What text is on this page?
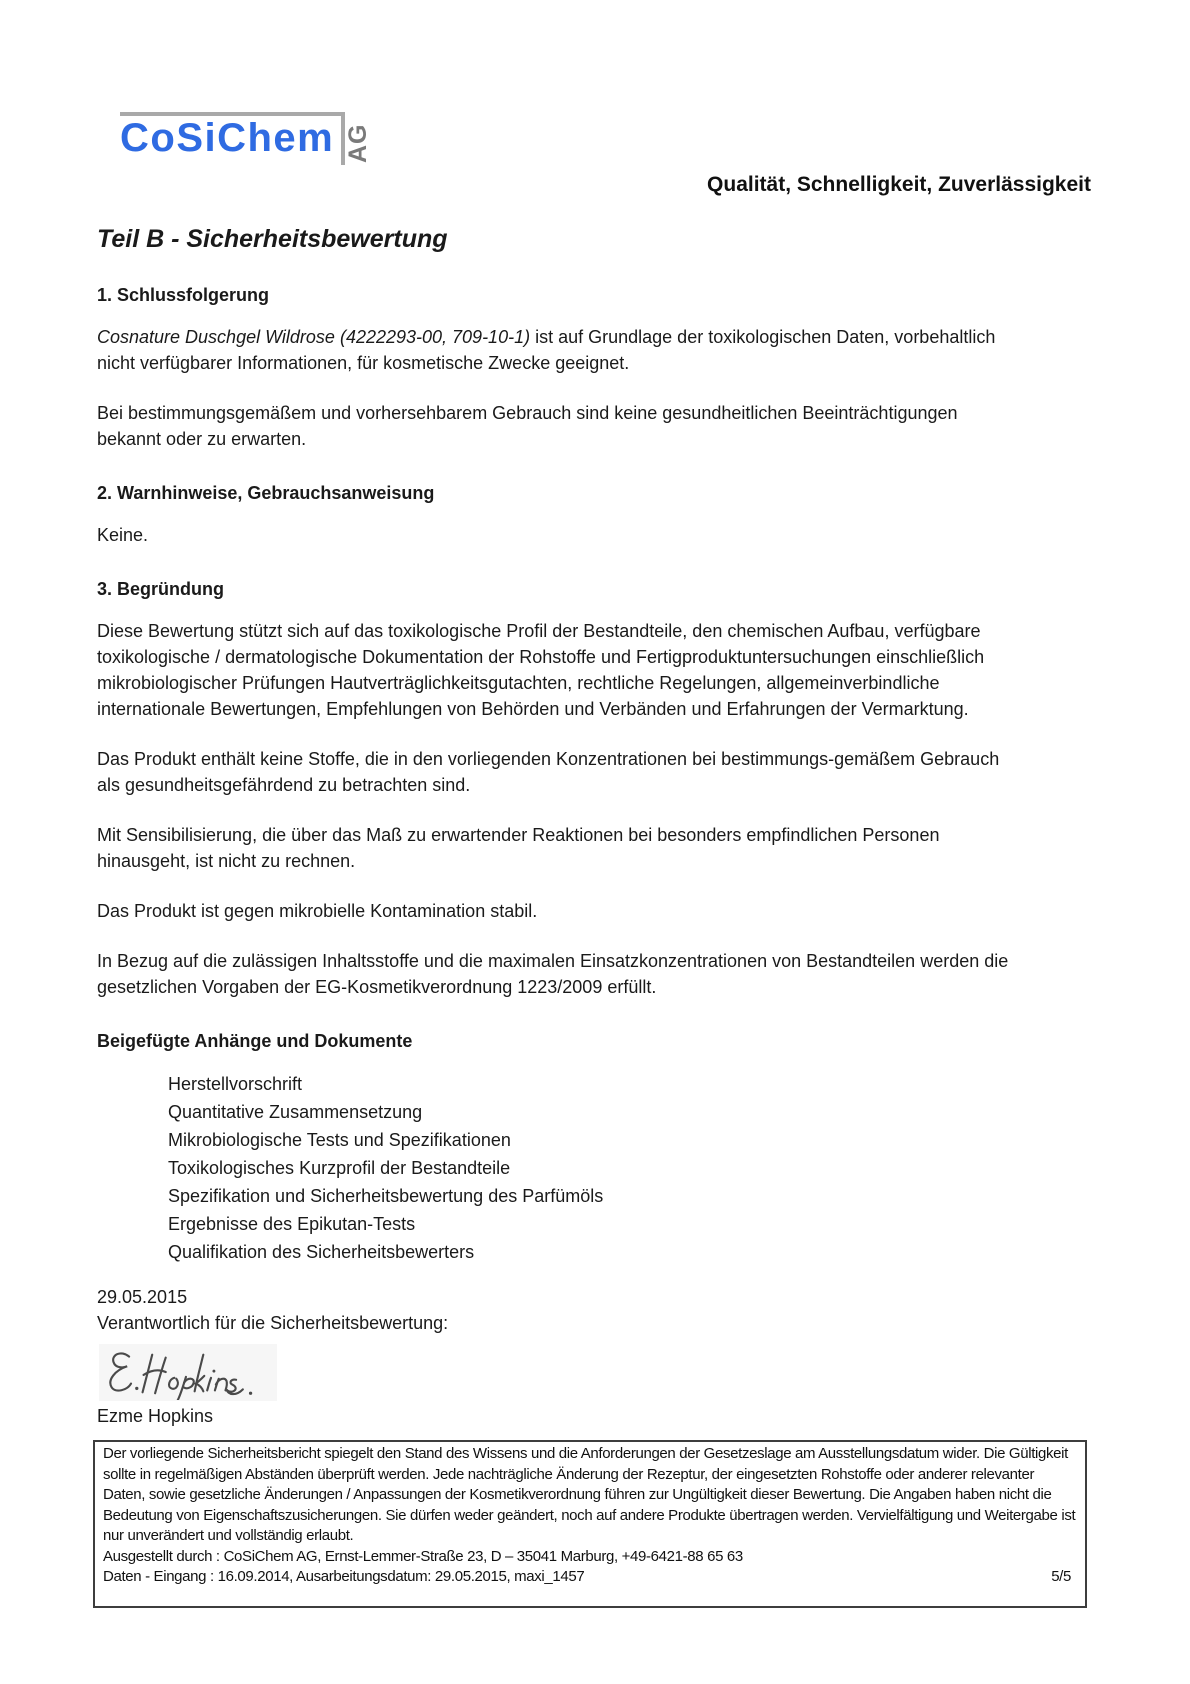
CoSiChem AG
Qualität, Schnelligkeit, Zuverlässigkeit
Teil B - Sicherheitsbewertung
1. Schlussfolgerung

Cosnature Duschgel Wildrose (4222293-00, 709-10-1) ist auf Grundlage der toxikologischen Daten, vorbehaltlich nicht verfügbarer Informationen, für kosmetische Zwecke geeignet.

Bei bestimmungsgemäßem und vorhersehbarem Gebrauch sind keine gesundheitlichen Beeinträchtigungen bekannt oder zu erwarten.

2. Warnhinweise, Gebrauchsanweisung

Keine.

3. Begründung

Diese Bewertung stützt sich auf das toxikologische Profil der Bestandteile, den chemischen Aufbau, verfügbare toxikologische / dermatologische Dokumentation der Rohstoffe und Fertigproduktuntersuchungen einschließlich mikrobiologischer Prüfungen Hautverträglichkeitsgutachten, rechtliche Regelungen, allgemeinverbindliche internationale Bewertungen, Empfehlungen von Behörden und Verbänden und Erfahrungen der Vermarktung.

Das Produkt enthält keine Stoffe, die in den vorliegenden Konzentrationen bei bestimmungs-gemäßem Gebrauch als gesundheitsgefährdend zu betrachten sind.

Mit Sensibilisierung, die über das Maß zu erwartender Reaktionen bei besonders empfindlichen Personen hinausgeht, ist nicht zu rechnen.

Das Produkt ist gegen mikrobielle Kontamination stabil.

In Bezug auf die zulässigen Inhaltsstoffe und die maximalen Einsatzkonzentrationen von Bestandteilen werden die gesetzlichen Vorgaben der EG-Kosmetikverordnung 1223/2009 erfüllt.

Beigefügte Anhänge und Dokumente
Herstellvorschrift
Quantitative Zusammensetzung
Mikrobiologische Tests und Spezifikationen
Toxikologisches Kurzprofil der Bestandteile
Spezifikation und Sicherheitsbewertung des Parfümöls
Ergebnisse des Epikutan-Tests
Qualifikation des Sicherheitsbewerters
29.05.2015
Verantwortlich für die Sicherheitsbewertung:
Ezme Hopkins
Der vorliegende Sicherheitsbericht spiegelt den Stand des Wissens und die Anforderungen der Gesetzeslage am Ausstellungsdatum wider. Die Gültigkeit sollte in regelmäßigen Abständen überprüft werden. Jede nachträgliche Änderung der Rezeptur, der eingesetzten Rohstoffe oder anderer relevanter Daten, sowie gesetzliche Änderungen / Anpassungen der Kosmetikverordnung führen zur Ungültigkeit dieser Bewertung. Die Angaben haben nicht die Bedeutung von Eigenschaftszusicherungen. Sie dürfen weder geändert, noch auf andere Produkte übertragen werden. Vervielfältigung und Weitergabe ist nur unverändert und vollständig erlaubt.
Ausgestellt durch : CoSiChem AG, Ernst-Lemmer-Straße 23, D – 35041 Marburg, +49-6421-88 65 63
Daten - Eingang : 16.09.2014, Ausarbeitungsdatum: 29.05.2015, maxi_1457	5/5
